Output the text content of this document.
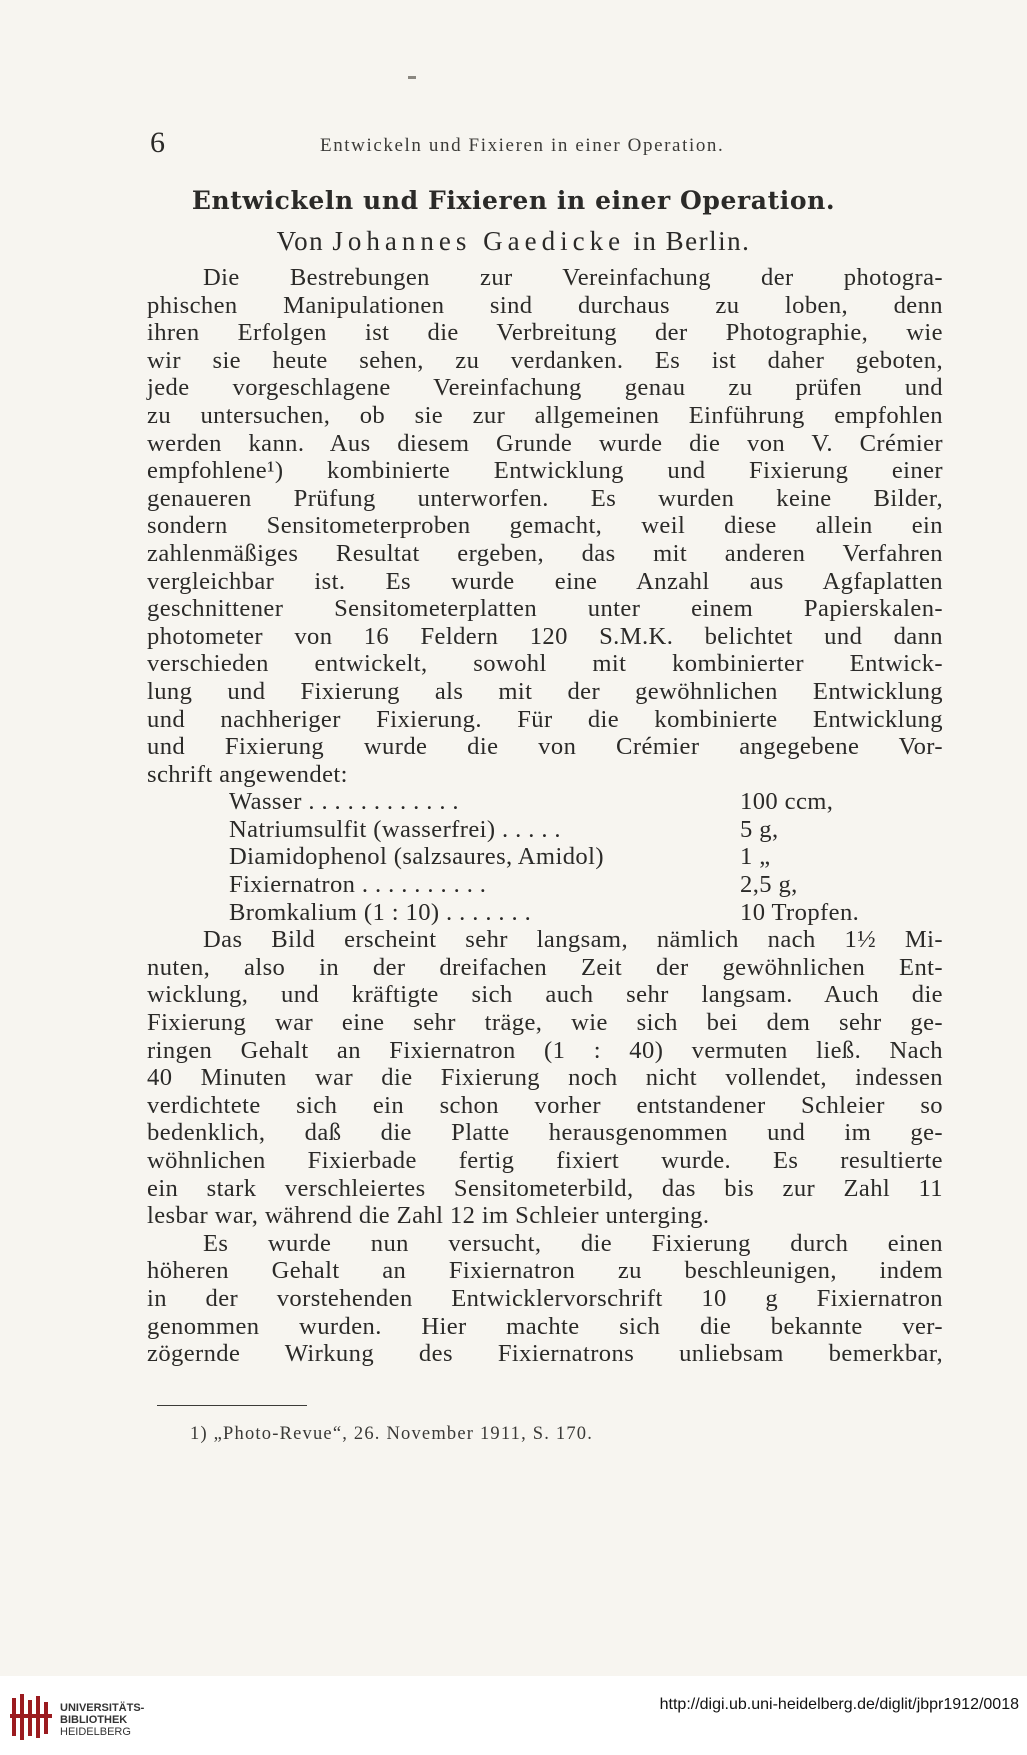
6	Entwickeln und Fixieren in einer Operation.
Entwickeln und Fixieren in einer Operation.
Von Johannes Gaedicke in Berlin.
Die Bestrebungen zur Vereinfachung der photogra-
phischen Manipulationen sind durchaus zu loben, denn
ihren Erfolgen ist die Verbreitung der Photographie, wie
wir sie heute sehen, zu verdanken. Es ist daher geboten,
jede vorgeschlagene Vereinfachung genau zu prüfen und
zu untersuchen, ob sie zur allgemeinen Einführung empfohlen
werden kann. Aus diesem Grunde wurde die von V. Crémier
empfohlene¹) kombinierte Entwicklung und Fixierung einer
genaueren Prüfung unterworfen. Es wurden keine Bilder,
sondern Sensitometerproben gemacht, weil diese allein ein
zahlenmäßiges Resultat ergeben, das mit anderen Verfahren
vergleichbar ist. Es wurde eine Anzahl aus Agfaplatten
geschnittener Sensitometerplatten unter einem Papierskalen-
photometer von 16 Feldern 120 S.M.K. belichtet und dann
verschieden entwickelt, sowohl mit kombinierter Entwick-
lung und Fixierung als mit der gewöhnlichen Entwicklung
und nachheriger Fixierung. Für die kombinierte Entwicklung
und Fixierung wurde die von Crémier angegebene Vor-
schrift angewendet:
Wasser . . . . . . . . . . . .	100 ccm,
Natriumsulfit (wasserfrei) . . . . .	5 g,
Diamidophenol (salzsaures, Amidol)	1 „
Fixiernatron . . . . . . . . . .	2,5 g,
Bromkalium (1 : 10) . . . . . . .	10 Tropfen.
Das Bild erscheint sehr langsam, nämlich nach 1½ Mi-
nuten, also in der dreifachen Zeit der gewöhnlichen Ent-
wicklung, und kräftigte sich auch sehr langsam. Auch die
Fixierung war eine sehr träge, wie sich bei dem sehr ge-
ringen Gehalt an Fixiernatron (1 : 40) vermuten ließ. Nach
40 Minuten war die Fixierung noch nicht vollendet, indessen
verdichtete sich ein schon vorher entstandener Schleier so
bedenklich, daß die Platte herausgenommen und im ge-
wöhnlichen Fixierbade fertig fixiert wurde. Es resultierte
ein stark verschleiertes Sensitometerbild, das bis zur Zahl 11
lesbar war, während die Zahl 12 im Schleier unterging.
Es wurde nun versucht, die Fixierung durch einen
höheren Gehalt an Fixiernatron zu beschleunigen, indem
in der vorstehenden Entwicklervorschrift 10 g Fixiernatron
genommen wurden. Hier machte sich die bekannte ver-
zögernde Wirkung des Fixiernatrons unliebsam bemerkbar,
1) „Photo-Revue“, 26. November 1911, S. 170.
UNIVERSITÄTS-
BIBLIOTHEK
HEIDELBERG
http://digi.ub.uni-heidelberg.de/diglit/jbpr1912/0018
